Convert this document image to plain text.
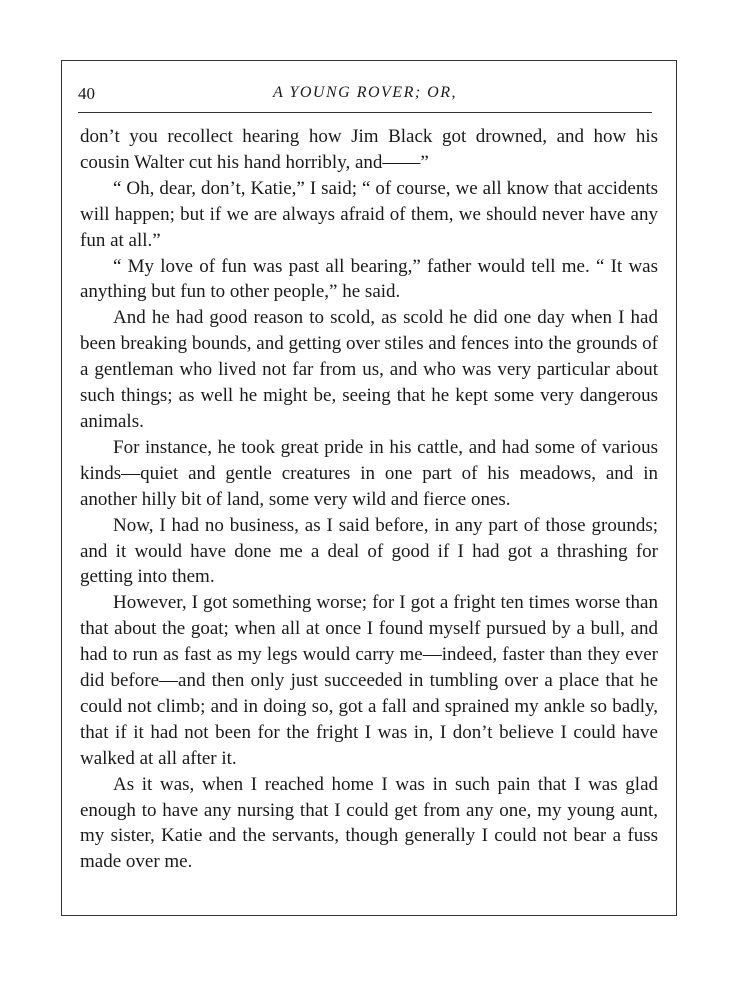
40	A YOUNG ROVER; OR,

don’t you recollect hearing how Jim Black got drowned, and how his cousin Walter cut his hand horribly, and——”

“ Oh, dear, don’t, Katie,” I said; “ of course, we all know that accidents will happen; but if we are always afraid of them, we should never have any fun at all.”

“ My love of fun was past all bearing,” father would tell me. “ It was anything but fun to other people,” he said.

And he had good reason to scold, as scold he did one day when I had been breaking bounds, and getting over stiles and fences into the grounds of a gentleman who lived not far from us, and who was very particular about such things; as well he might be, seeing that he kept some very dangerous animals.

For instance, he took great pride in his cattle, and had some of various kinds—quiet and gentle creatures in one part of his meadows, and in another hilly bit of land, some very wild and fierce ones.

Now, I had no business, as I said before, in any part of those grounds; and it would have done me a deal of good if I had got a thrashing for getting into them.

However, I got something worse; for I got a fright ten times worse than that about the goat; when all at once I found myself pursued by a bull, and had to run as fast as my legs would carry me—indeed, faster than they ever did before—and then only just succeeded in tumbling over a place that he could not climb; and in doing so, got a fall and sprained my ankle so badly, that if it had not been for the fright I was in, I don’t believe I could have walked at all after it.

As it was, when I reached home I was in such pain that I was glad enough to have any nursing that I could get from any one, my young aunt, my sister, Katie and the servants, though generally I could not bear a fuss made over me.
